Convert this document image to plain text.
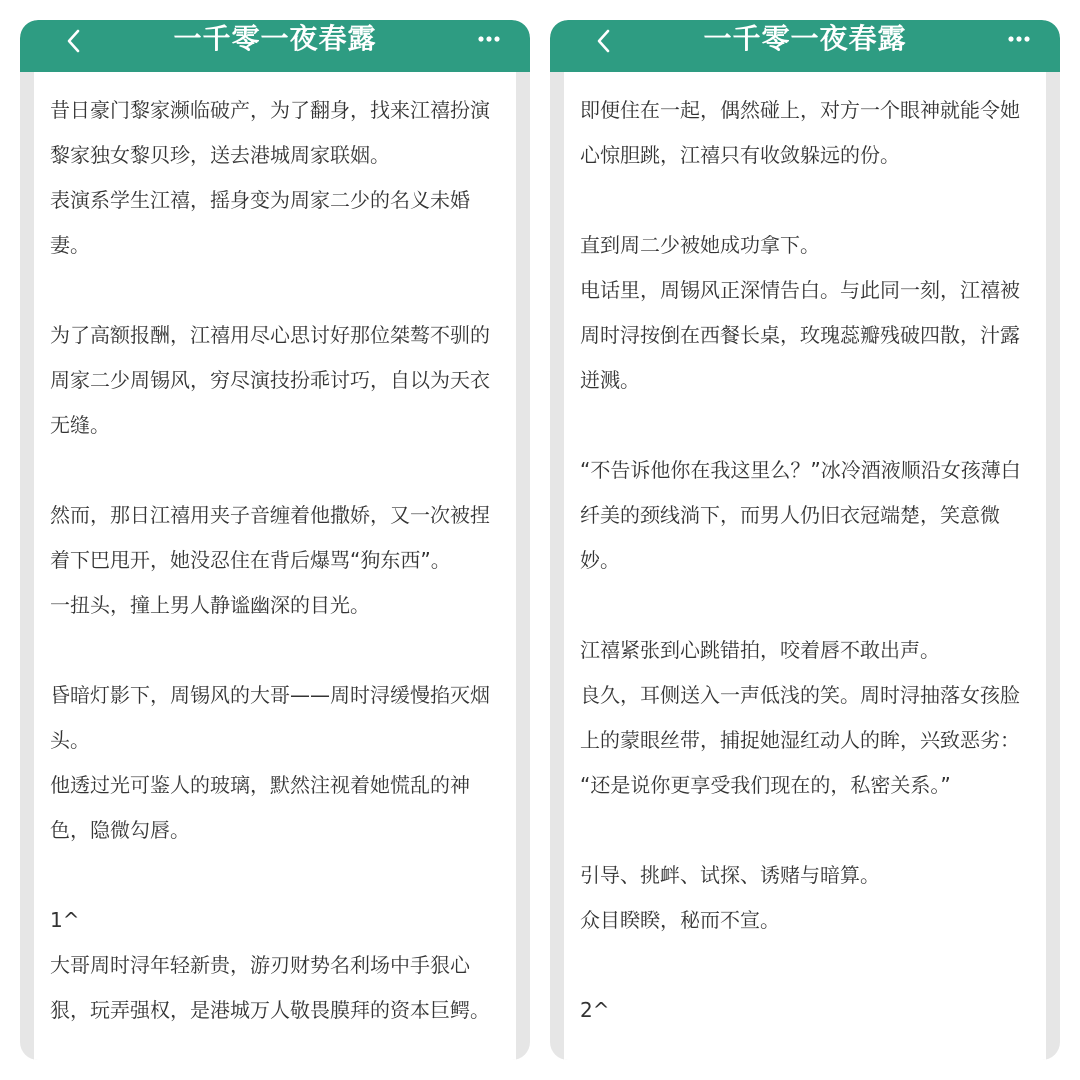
一千零一夜春露

昔日豪门黎家濒临破产，为了翻身，找来江禧扮演黎家独女黎贝珍，送去港城周家联姻。

表演系学生江禧，摇身变为周家二少的名义未婚妻。

为了高额报酬，江禧用尽心思讨好那位桀骜不驯的周家二少周锡风，穷尽演技扮乖讨巧，自以为天衣无缝。

然而，那日江禧用夹子音缠着他撒娇，又一次被捏着下巴甩开，她没忍住在背后爆骂“狗东西”。

一扭头，撞上男人静谧幽深的目光。

昏暗灯影下，周锡风的大哥——周时浔缓慢掐灭烟头。

他透过光可鉴人的玻璃，默然注视着她慌乱的神色，隐微勾唇。

1^

大哥周时浔年轻新贵，游刃财势名利场中手狠心狠，玩弄强权，是港城万人敬畏膜拜的资本巨鳄。

一千零一夜春露

即便住在一起，偶然碰上，对方一个眼神就能令她心惊胆跳，江禧只有收敛躲远的份。

直到周二少被她成功拿下。

电话里，周锡风正深情告白。与此同一刻，江禧被周时浔按倒在西餐长桌，玫瑰蕊瓣残破四散，汁露迸溅。

“不告诉他你在我这里么？”冰冷酒液顺沿女孩薄白纤美的颈线淌下，而男人仍旧衣冠端楚，笑意微妙。

江禧紧张到心跳错拍，咬着唇不敢出声。

良久，耳侧送入一声低浅的笑。周时浔抽落女孩脸上的蒙眼丝带，捕捉她湿红动人的眸，兴致恶劣：

“还是说你更享受我们现在的，私密关系。”

引导、挑衅、试探、诱赌与暗算。

众目睽睽，秘而不宣。

2^
